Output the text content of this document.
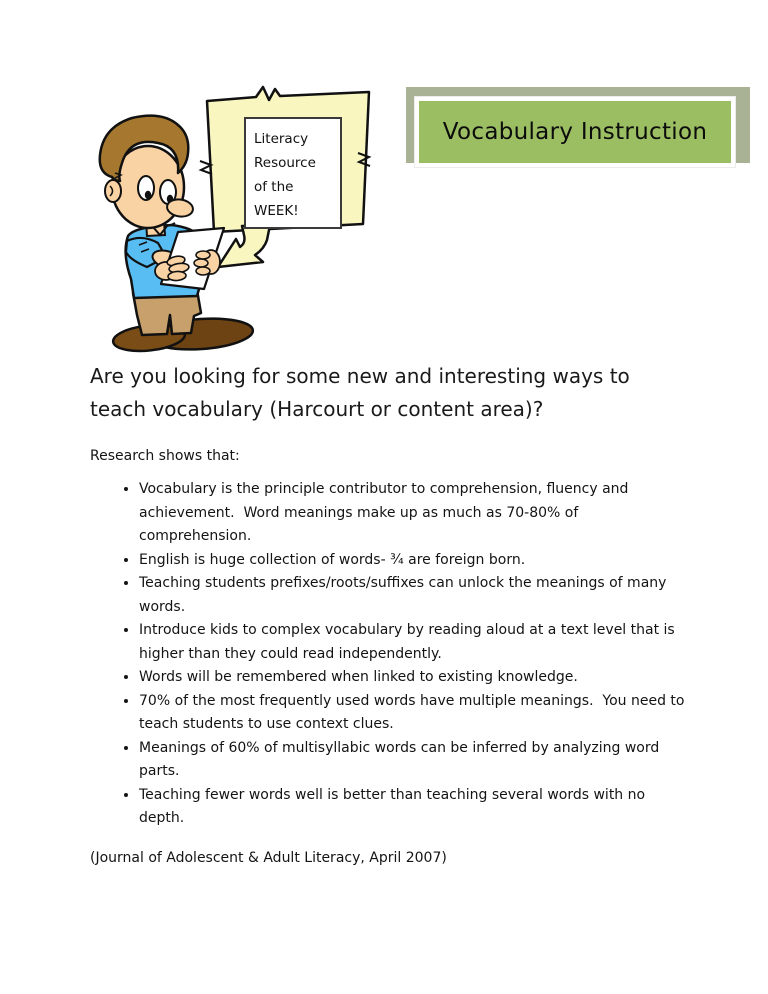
Literacy
Resource
of the
WEEK!
Vocabulary Instruction
Are you looking for some new and interesting ways to
teach vocabulary (Harcourt or content area)?

Research shows that:

• Vocabulary is the principle contributor to comprehension, fluency and achievement.  Word meanings make up as much as 70-80% of comprehension.
• English is huge collection of words- ¾ are foreign born.
• Teaching students prefixes/roots/suffixes can unlock the meanings of many words.
• Introduce kids to complex vocabulary by reading aloud at a text level that is higher than they could read independently.
• Words will be remembered when linked to existing knowledge.
• 70% of the most frequently used words have multiple meanings.  You need to teach students to use context clues.
• Meanings of 60% of multisyllabic words can be inferred by analyzing word parts.
• Teaching fewer words well is better than teaching several words with no depth.

(Journal of Adolescent & Adult Literacy, April 2007)
